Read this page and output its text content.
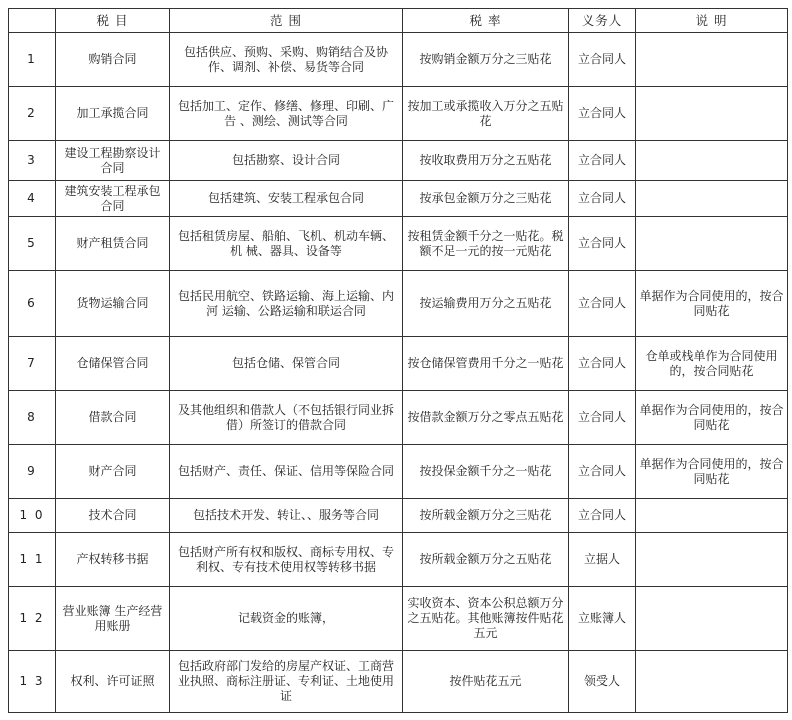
	税 目	范 围	税 率	义务人	说 明
1	购销合同	包括供应、预购、采购、购销结合及协作、调剂、补偿、易货等合同	按购销金额万分之三贴花	立合同人	
2	加工承揽合同	包括加工、定作、修缮、修理、印刷、广告 、测绘、测试等合同	按加工或承揽收入万分之五贴花	立合同人	
3	建设工程勘察设计合同	包括勘察、设计合同	按收取费用万分之五贴花	立合同人	
4	建筑安装工程承包合同	包括建筑、安装工程承包合同	按承包金额万分之三贴花	立合同人	
5	财产租赁合同	包括租赁房屋、船舶、飞机、机动车辆、机 械、器具、设备等	按租赁金额千分之一贴花。税额不足一元的按一元贴花	立合同人	
6	货物运输合同	包括民用航空、铁路运输、海上运输、内河 运输、公路运输和联运合同	按运输费用万分之五贴花	立合同人	单据作为合同使用的，按合同贴花
7	仓储保管合同	包括仓储、保管合同	按仓储保管费用千分之一贴花	立合同人	仓单或栈单作为合同使用的，按合同贴花
8	借款合同	及其他组织和借款人（不包括银行同业拆借）所签订的借款合同	按借款金额万分之零点五贴花	立合同人	单据作为合同使用的，按合同贴花
9	财产合同	包括财产、责任、保证、信用等保险合同	按投保金额千分之一贴花	立合同人	单据作为合同使用的，按合同贴花
1 0	技术合同	包括技术开发、转让、、服务等合同	按所载金额万分之三贴花	立合同人	
1 1	产权转移书据	包括财产所有权和版权、商标专用权、专 利权、专有技术使用权等转移书据	按所载金额万分之五贴花	立据人	
1 2	营业账簿 生产经营用账册	记载资金的账簿，	实收资本、资本公积总额万分之五贴花。其他账簿按件贴花五元	立账簿人	
1 3	权利、许可证照	包括政府部门发给的房屋产权证、工商营业执照、商标注册证、专利证、土地使用证	按件贴花五元	领受人	
